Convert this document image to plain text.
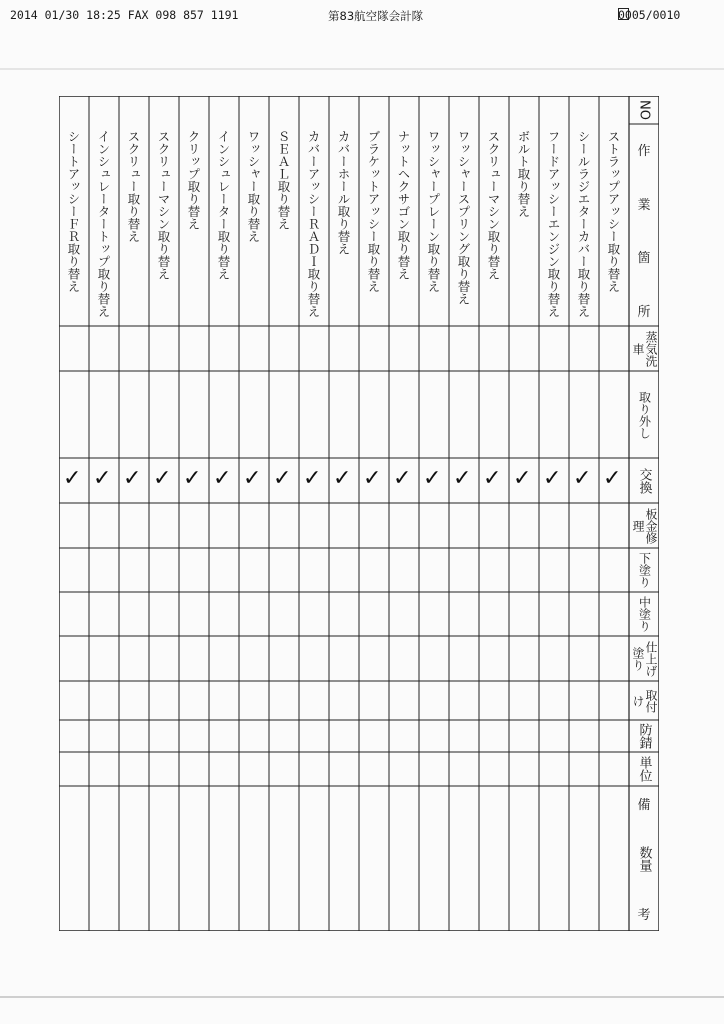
2014 01/30 18:25 FAX 098 857 1191	第83航空隊会計隊	0005/0010
NO
作
業
箇
所
蒸気洗車
取り外し
交換
板金修理
下塗り
中塗り
仕上げ塗り
取付け
防錆
単位
数量
備
考
ストラップアッシー取り替え
✓
シールラジエターカバー取り替え
✓
フードアッシーエンジン取り替え
✓
ボルト取り替え
✓
スクリューマシン取り替え
✓
ワッシャースプリング取り替え
✓
ワッシャープレーン取り替え
✓
ナットヘクサゴン取り替え
✓
ブラケットアッシー取り替え
✓
カバーホール取り替え
✓
カバーアッシーＲＡＤＩ取り替え
✓
ＳＥＡＬ取り替え
✓
ワッシャー取り替え
✓
インシュレーター取り替え
✓
クリップ取り替え
✓
スクリューマシン取り替え
✓
スクリュー取り替え
✓
インシュレータートップ取り替え
✓
シートアッシーＦＲ取り替え
✓
